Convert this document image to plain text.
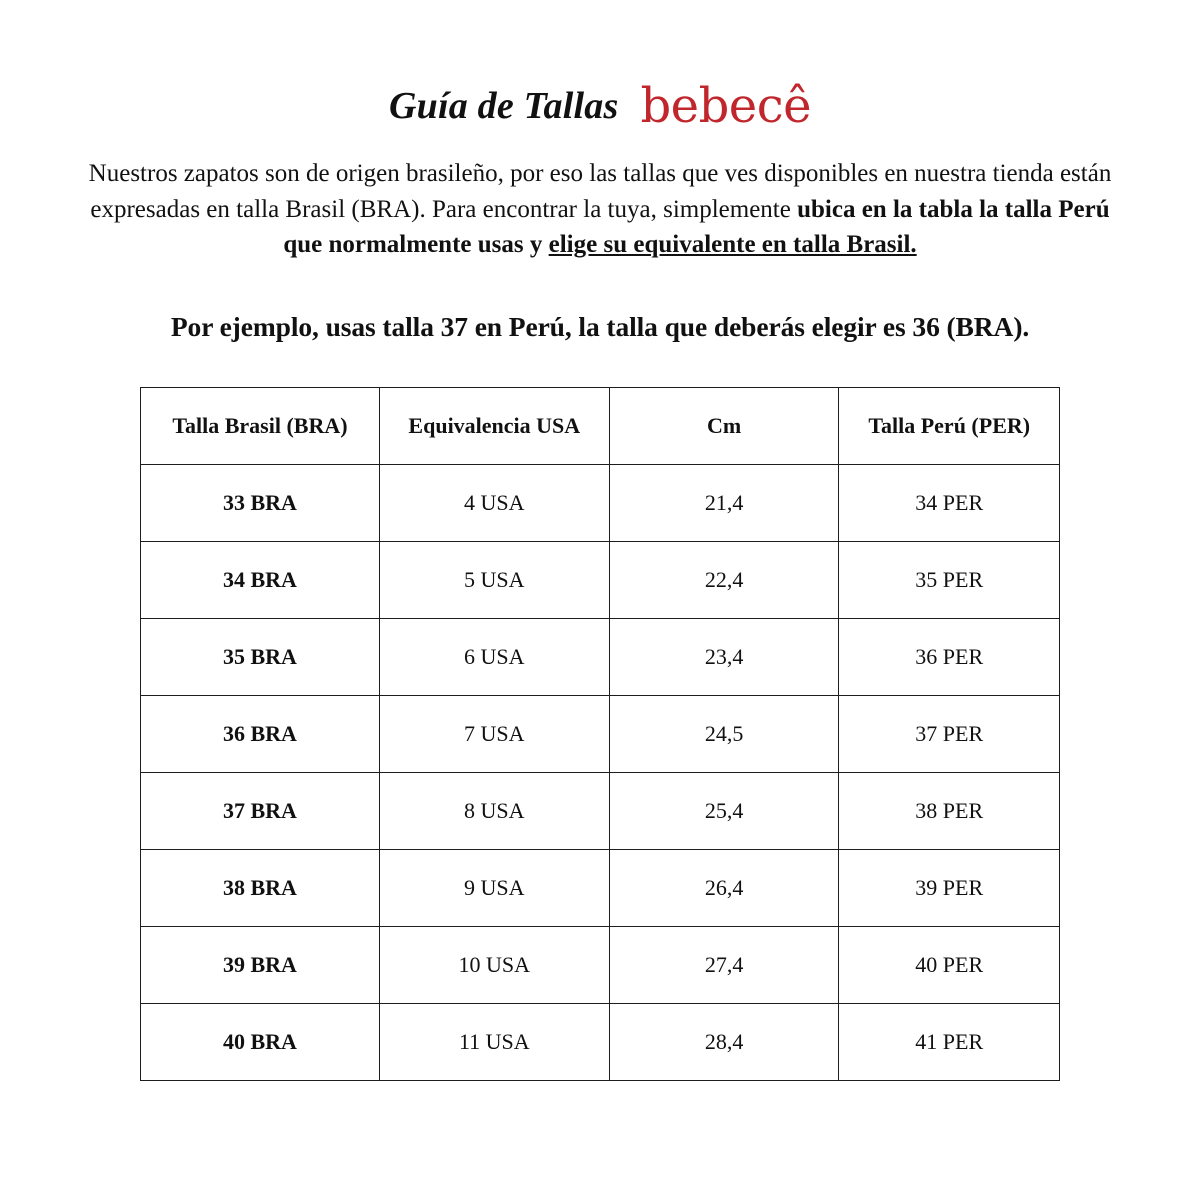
Guía de Tallas bebecê

Nuestros zapatos son de origen brasileño, por eso las tallas que ves disponibles en nuestra tienda están expresadas en talla Brasil (BRA). Para encontrar la tuya, simplemente ubica en la tabla la talla Perú que normalmente usas y elige su equivalente en talla Brasil.

Por ejemplo, usas talla 37 en Perú, la talla que deberás elegir es 36 (BRA).
Talla Brasil (BRA)	Equivalencia USA	Cm	Talla Perú (PER)
33 BRA	4 USA	21,4	34 PER
34 BRA	5 USA	22,4	35 PER
35 BRA	6 USA	23,4	36 PER
36 BRA	7 USA	24,5	37 PER
37 BRA	8 USA	25,4	38 PER
38 BRA	9 USA	26,4	39 PER
39 BRA	10 USA	27,4	40 PER
40 BRA	11 USA	28,4	41 PER
